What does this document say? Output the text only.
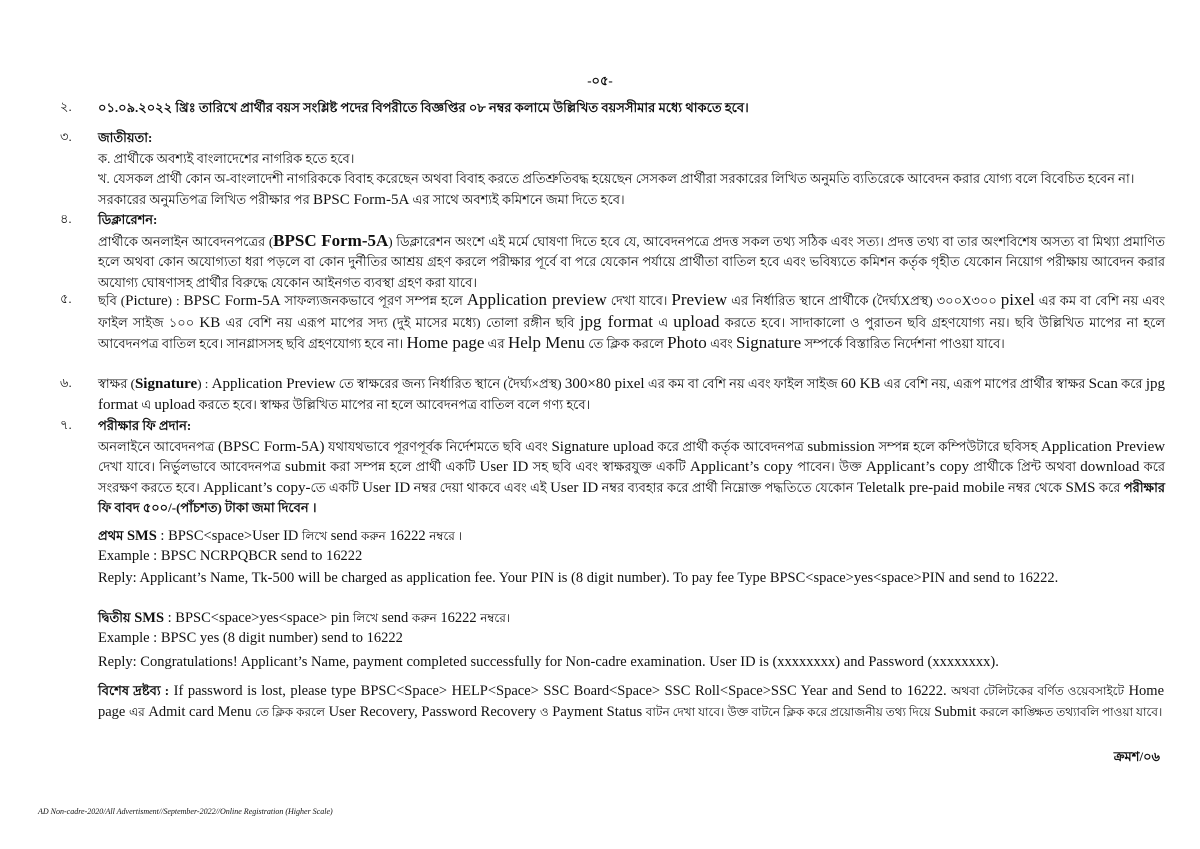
-০৫-
২.	০১.০৯.২০২২ খ্রিঃ তারিখে প্রার্থীর বয়স সংশ্লিষ্ট পদের বিপরীতে বিজ্ঞপ্তির ০৮ নম্বর কলামে উল্লিখিত বয়সসীমার মধ্যে থাকতে হবে।
৩.	জাতীয়তা:
ক. প্রার্থীকে অবশ্যই বাংলাদেশের নাগরিক হতে হবে।
খ. যেসকল প্রার্থী কোন অ-বাংলাদেশী নাগরিককে বিবাহ করেছেন অথবা বিবাহ করতে প্রতিশ্রুতিবদ্ধ হয়েছেন সেসকল প্রার্থীরা সরকারের লিখিত অনুমতি ব্যতিরেকে আবেদন করার যোগ্য বলে বিবেচিত হবেন না।
সরকারের অনুমতিপত্র লিখিত পরীক্ষার পর BPSC Form-5A এর সাথে অবশ্যই কমিশনে জমা দিতে হবে।
৪.	ডিক্লারেশন:
প্রার্থীকে অনলাইন আবেদনপত্রের (BPSC Form-5A) ডিক্লারেশন অংশে এই মর্মে ঘোষণা দিতে হবে যে, আবেদনপত্রে প্রদত্ত সকল তথ্য সঠিক এবং সত্য। প্রদত্ত তথ্য বা তার অংশবিশেষ অসত্য বা মিথ্যা প্রমাণিত হলে অথবা কোন অযোগ্যতা ধরা পড়লে বা কোন দুর্নীতির আশ্রয় গ্রহণ করলে পরীক্ষার পূর্বে বা পরে যেকোন পর্যায়ে প্রার্থীতা বাতিল হবে এবং ভবিষ্যতে কমিশন কর্তৃক গৃহীত যেকোন নিয়োগ পরীক্ষায় আবেদন করার অযোগ্য ঘোষণাসহ প্রার্থীর বিরুদ্ধে যেকোন আইনগত ব্যবস্থা গ্রহণ করা যাবে।
৫.	ছবি (Picture) : BPSC Form-5A সাফল্যজনকভাবে পূরণ সম্পন্ন হলে Application preview দেখা যাবে। Preview এর নির্ধারিত স্থানে প্রার্থীকে (দৈর্ঘ্যXপ্রস্থ) ৩০০X৩০০ pixel এর কম বা বেশি নয় এবং ফাইল সাইজ ১০০ KB এর বেশি নয় এরূপ মাপের সদ্য (দুই মাসের মধ্যে) তোলা রঙ্গীন ছবি jpg format এ upload করতে হবে। সাদাকালো ও পুরাতন ছবি গ্রহণযোগ্য নয়। ছবি উল্লিখিত মাপের না হলে আবেদনপত্র বাতিল হবে। সানগ্লাসসহ ছবি গ্রহণযোগ্য হবে না। Home page এর Help Menu তে ক্লিক করলে Photo এবং Signature সম্পর্কে বিস্তারিত নির্দেশনা পাওয়া যাবে।
৬.	স্বাক্ষর (Signature) : Application Preview তে স্বাক্ষরের জন্য নির্ধারিত স্থানে (দৈর্ঘ্য×প্রস্থ) 300×80 pixel এর কম বা বেশি নয় এবং ফাইল সাইজ 60 KB এর বেশি নয়, এরূপ মাপের প্রার্থীর স্বাক্ষর Scan করে jpg format এ upload করতে হবে। স্বাক্ষর উল্লিখিত মাপের না হলে আবেদনপত্র বাতিল বলে গণ্য হবে।
৭.	পরীক্ষার ফি প্রদান:
অনলাইনে আবেদনপত্র (BPSC Form-5A) যথাযথভাবে পূরণপূর্বক নির্দেশমতে ছবি এবং Signature upload করে প্রার্থী কর্তৃক আবেদনপত্র submission সম্পন্ন হলে কম্পিউটারে ছবিসহ Application Preview দেখা যাবে। নির্ভুলভাবে আবেদনপত্র submit করা সম্পন্ন হলে প্রার্থী একটি User ID সহ ছবি এবং স্বাক্ষরযুক্ত একটি Applicant’s copy পাবেন। উক্ত Applicant’s copy প্রার্থীকে প্রিন্ট অথবা download করে সংরক্ষণ করতে হবে। Applicant’s copy-তে একটি User ID নম্বর দেয়া থাকবে এবং এই User ID নম্বর ব্যবহার করে প্রার্থী নিম্নোক্ত পদ্ধতিতে যেকোন Teletalk pre-paid mobile নম্বর থেকে SMS করে পরীক্ষার ফি বাবদ ৫০০/-(পাঁচশত) টাকা জমা দিবেন ।
প্রথম SMS : BPSC<space>User ID লিখে send করুন 16222 নম্বরে ।
Example : BPSC NCRPQBCR send to 16222
Reply: Applicant’s Name, Tk-500 will be charged as application fee. Your PIN is (8 digit number). To pay fee Type BPSC<space>yes<space>PIN and send to 16222.
দ্বিতীয় SMS : BPSC<space>yes<space> pin লিখে send করুন 16222 নম্বরে।
Example : BPSC yes (8 digit number) send to 16222
Reply: Congratulations! Applicant’s Name, payment completed successfully for Non-cadre examination. User ID is (xxxxxxxx) and Password (xxxxxxxx).
বিশেষ দ্রষ্টব্য : If password is lost, please type BPSC<Space> HELP<Space> SSC Board<Space> SSC Roll<Space>SSC Year and Send to 16222. অথবা টেলিটকের বর্ণিত ওয়েবসাইটে Home page এর Admit card Menu তে ক্লিক করলে User Recovery, Password Recovery ও Payment Status বাটন দেখা যাবে। উক্ত বাটনে ক্লিক করে প্রয়োজনীয় তথ্য দিয়ে Submit করলে কাঙ্ক্ষিত তথ্যাবলি পাওয়া যাবে।
ক্রমশ/০৬
AD Non-cadre-2020/All Advertisment//September-2022//Online Registration (Higher Scale)
